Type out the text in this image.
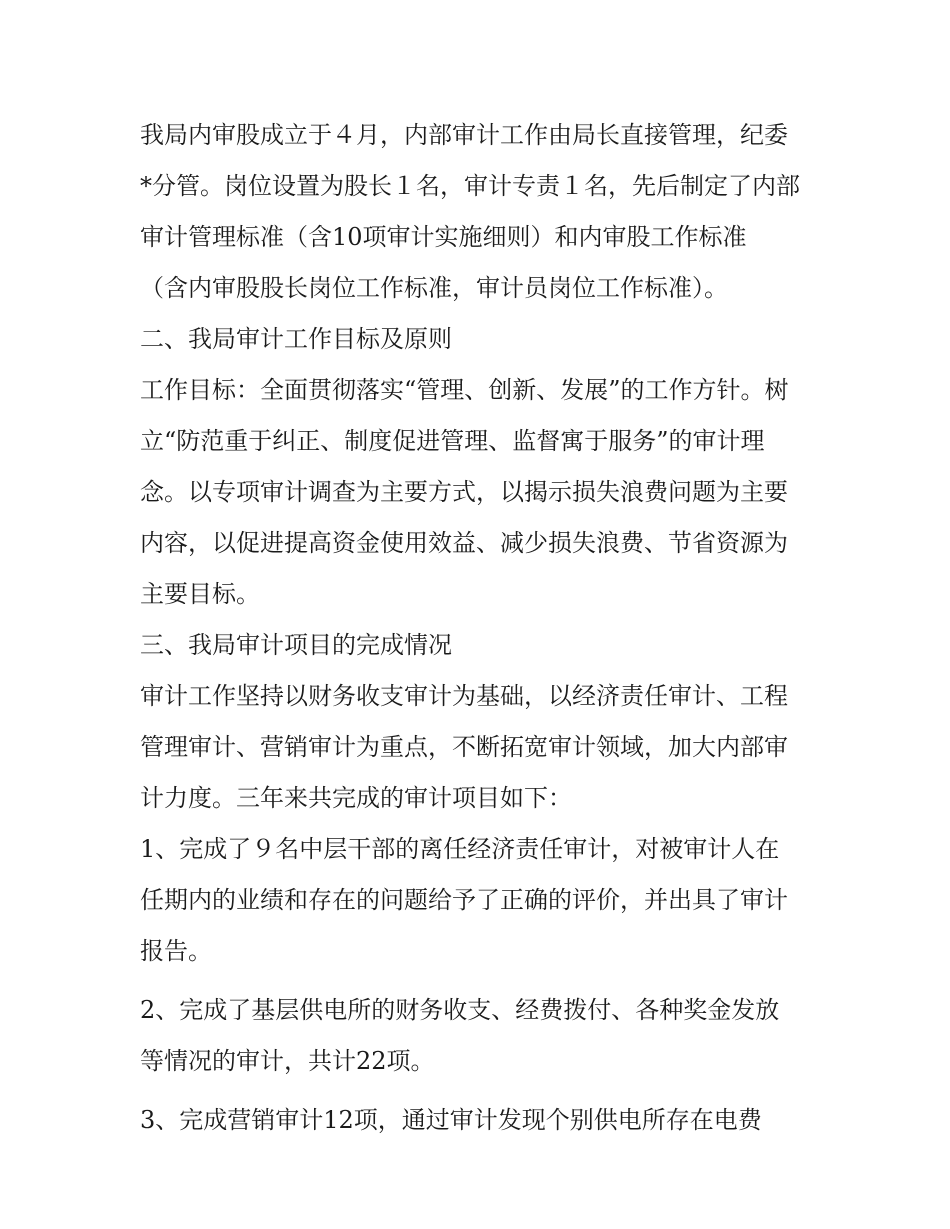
我局内审股成立于４月，内部审计工作由局长直接管理，纪委
*分管。岗位设置为股长１名，审计专责１名，先后制定了内部
审计管理标准（含10项审计实施细则）和内审股工作标准
（含内审股股长岗位工作标准，审计员岗位工作标准）。
二、我局审计工作目标及原则
工作目标：全面贯彻落实“管理、创新、发展”的工作方针。树
立“防范重于纠正、制度促进管理、监督寓于服务”的审计理
念。以专项审计调查为主要方式，以揭示损失浪费问题为主要
内容，以促进提高资金使用效益、减少损失浪费、节省资源为
主要目标。
三、我局审计项目的完成情况
审计工作坚持以财务收支审计为基础，以经济责任审计、工程
管理审计、营销审计为重点，不断拓宽审计领域，加大内部审
计力度。三年来共完成的审计项目如下：
1、完成了９名中层干部的离任经济责任审计，对被审计人在
任期内的业绩和存在的问题给予了正确的评价，并出具了审计
报告。
2、完成了基层供电所的财务收支、经费拨付、各种奖金发放
等情况的审计，共计22项。
3、完成营销审计12项，通过审计发现个别供电所存在电费
